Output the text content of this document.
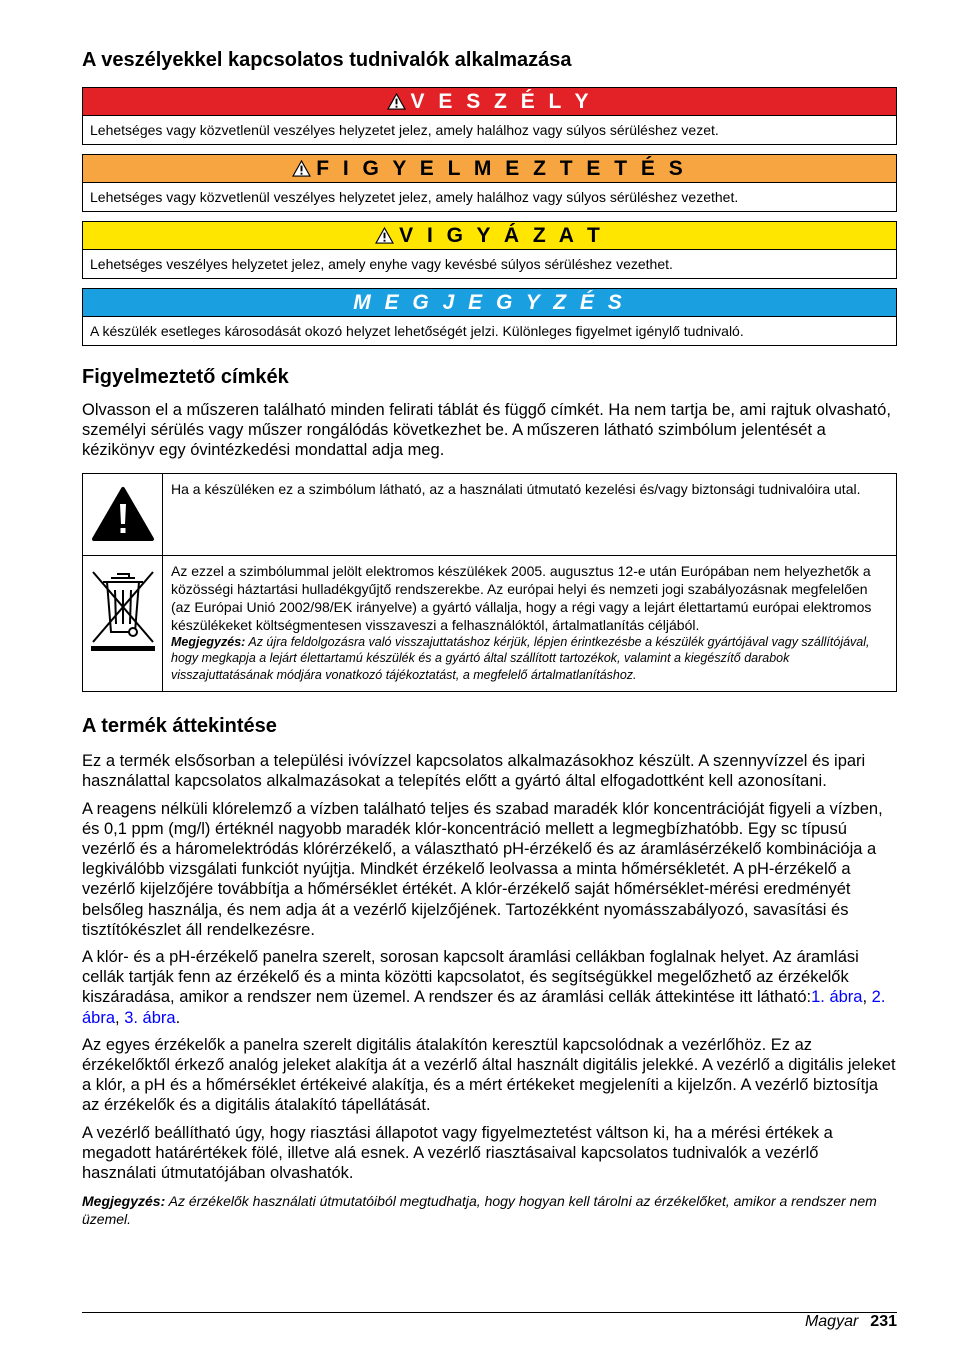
A veszélyekkel kapcsolatos tudnivalók alkalmazása
V E S Z É L Y
Lehetséges vagy közvetlenül veszélyes helyzetet jelez, amely halálhoz vagy súlyos sérüléshez vezet.
F I G Y E L M E Z T E T É S
Lehetséges vagy közvetlenül veszélyes helyzetet jelez, amely halálhoz vagy súlyos sérüléshez vezethet.
V I G Y Á Z A T
Lehetséges veszélyes helyzetet jelez, amely enyhe vagy kevésbé súlyos sérüléshez vezethet.
M E G J E G Y Z É S
A készülék esetleges károsodását okozó helyzet lehetőségét jelzi. Különleges figyelmet igénylő tudnivaló.
Figyelmeztető címkék

Olvasson el a műszeren található minden felirati táblát és függő címkét. Ha nem tartja be, ami rajtuk olvasható, személyi sérülés vagy műszer rongálódás következhet be. A műszeren látható szimbólum jelentését a kézikönyv egy óvintézkedési mondattal adja meg.

	Ha a készüléken ez a szimbólum látható, az a használati útmutató kezelési és/vagy biztonsági tudnivalóira utal.

Az ezzel a szimbólummal jelölt elektromos készülékek 2005. augusztus 12-e után Európában nem helyezhetők a közösségi háztartási hulladékgyűjtő rendszerekbe. Az európai helyi és nemzeti jogi szabályozásnak megfelelően (az Európai Unió 2002/98/EK irányelve) a gyártó vállalja, hogy a régi vagy a lejárt élettartamú európai elektromos készülékeket költségmentesen visszaveszi a felhasználóktól, ártalmatlanítás céljából.
Megjegyzés: Az újra feldolgozásra való visszajuttatáshoz kérjük, lépjen érintkezésbe a készülék gyártójával vagy szállítójával, hogy megkapja a lejárt élettartamú készülék és a gyártó által szállított tartozékok, valamint a kiegészítő darabok visszajuttatásának módjára vonatkozó tájékoztatást, a megfelelő ártalmatlanításhoz.
A termék áttekintése

Ez a termék elsősorban a települési ivóvízzel kapcsolatos alkalmazásokhoz készült. A szennyvízzel és ipari használattal kapcsolatos alkalmazásokat a telepítés előtt a gyártó által elfogadottként kell azonosítani.

A reagens nélküli klórelemző a vízben található teljes és szabad maradék klór koncentrációját figyeli a vízben, és 0,1 ppm (mg/l) értéknél nagyobb maradék klór-koncentráció mellett a legmegbízhatóbb. Egy sc típusú vezérlő és a háromelektródás klórérzékelő, a választható pH-érzékelő és az áramlásérzékelő kombinációja a legkiválóbb vizsgálati funkciót nyújtja. Mindkét érzékelő leolvassa a minta hőmérsékletét. A pH-érzékelő a vezérlő kijelzőjére továbbítja a hőmérséklet értékét. A klór-érzékelő saját hőmérséklet-mérési eredményét belsőleg használja, és nem adja át a vezérlő kijelzőjének. Tartozékként nyomásszabályozó, savasítási és tisztítókészlet áll rendelkezésre.

A klór- és a pH-érzékelő panelra szerelt, sorosan kapcsolt áramlási cellákban foglalnak helyet. Az áramlási cellák tartják fenn az érzékelő és a minta közötti kapcsolatot, és segítségükkel megelőzhető az érzékelők kiszáradása, amikor a rendszer nem üzemel. A rendszer és az áramlási cellák áttekintése itt látható:1. ábra, 2. ábra, 3. ábra.

Az egyes érzékelők a panelra szerelt digitális átalakítón keresztül kapcsolódnak a vezérlőhöz. Ez az érzékelőktől érkező analóg jeleket alakítja át a vezérlő által használt digitális jelekké. A vezérlő a digitális jeleket a klór, a pH és a hőmérséklet értékeivé alakítja, és a mért értékeket megjeleníti a kijelzőn. A vezérlő biztosítja az érzékelők és a digitális átalakító tápellátását.

A vezérlő beállítható úgy, hogy riasztási állapotot vagy figyelmeztetést váltson ki, ha a mérési értékek a megadott határértékek fölé, illetve alá esnek. A vezérlő riasztásaival kapcsolatos tudnivalók a vezérlő használati útmutatójában olvashatók.

Megjegyzés: Az érzékelők használati útmutatóiból megtudhatja, hogy hogyan kell tárolni az érzékelőket, amikor a rendszer nem üzemel.

Magyar 231
